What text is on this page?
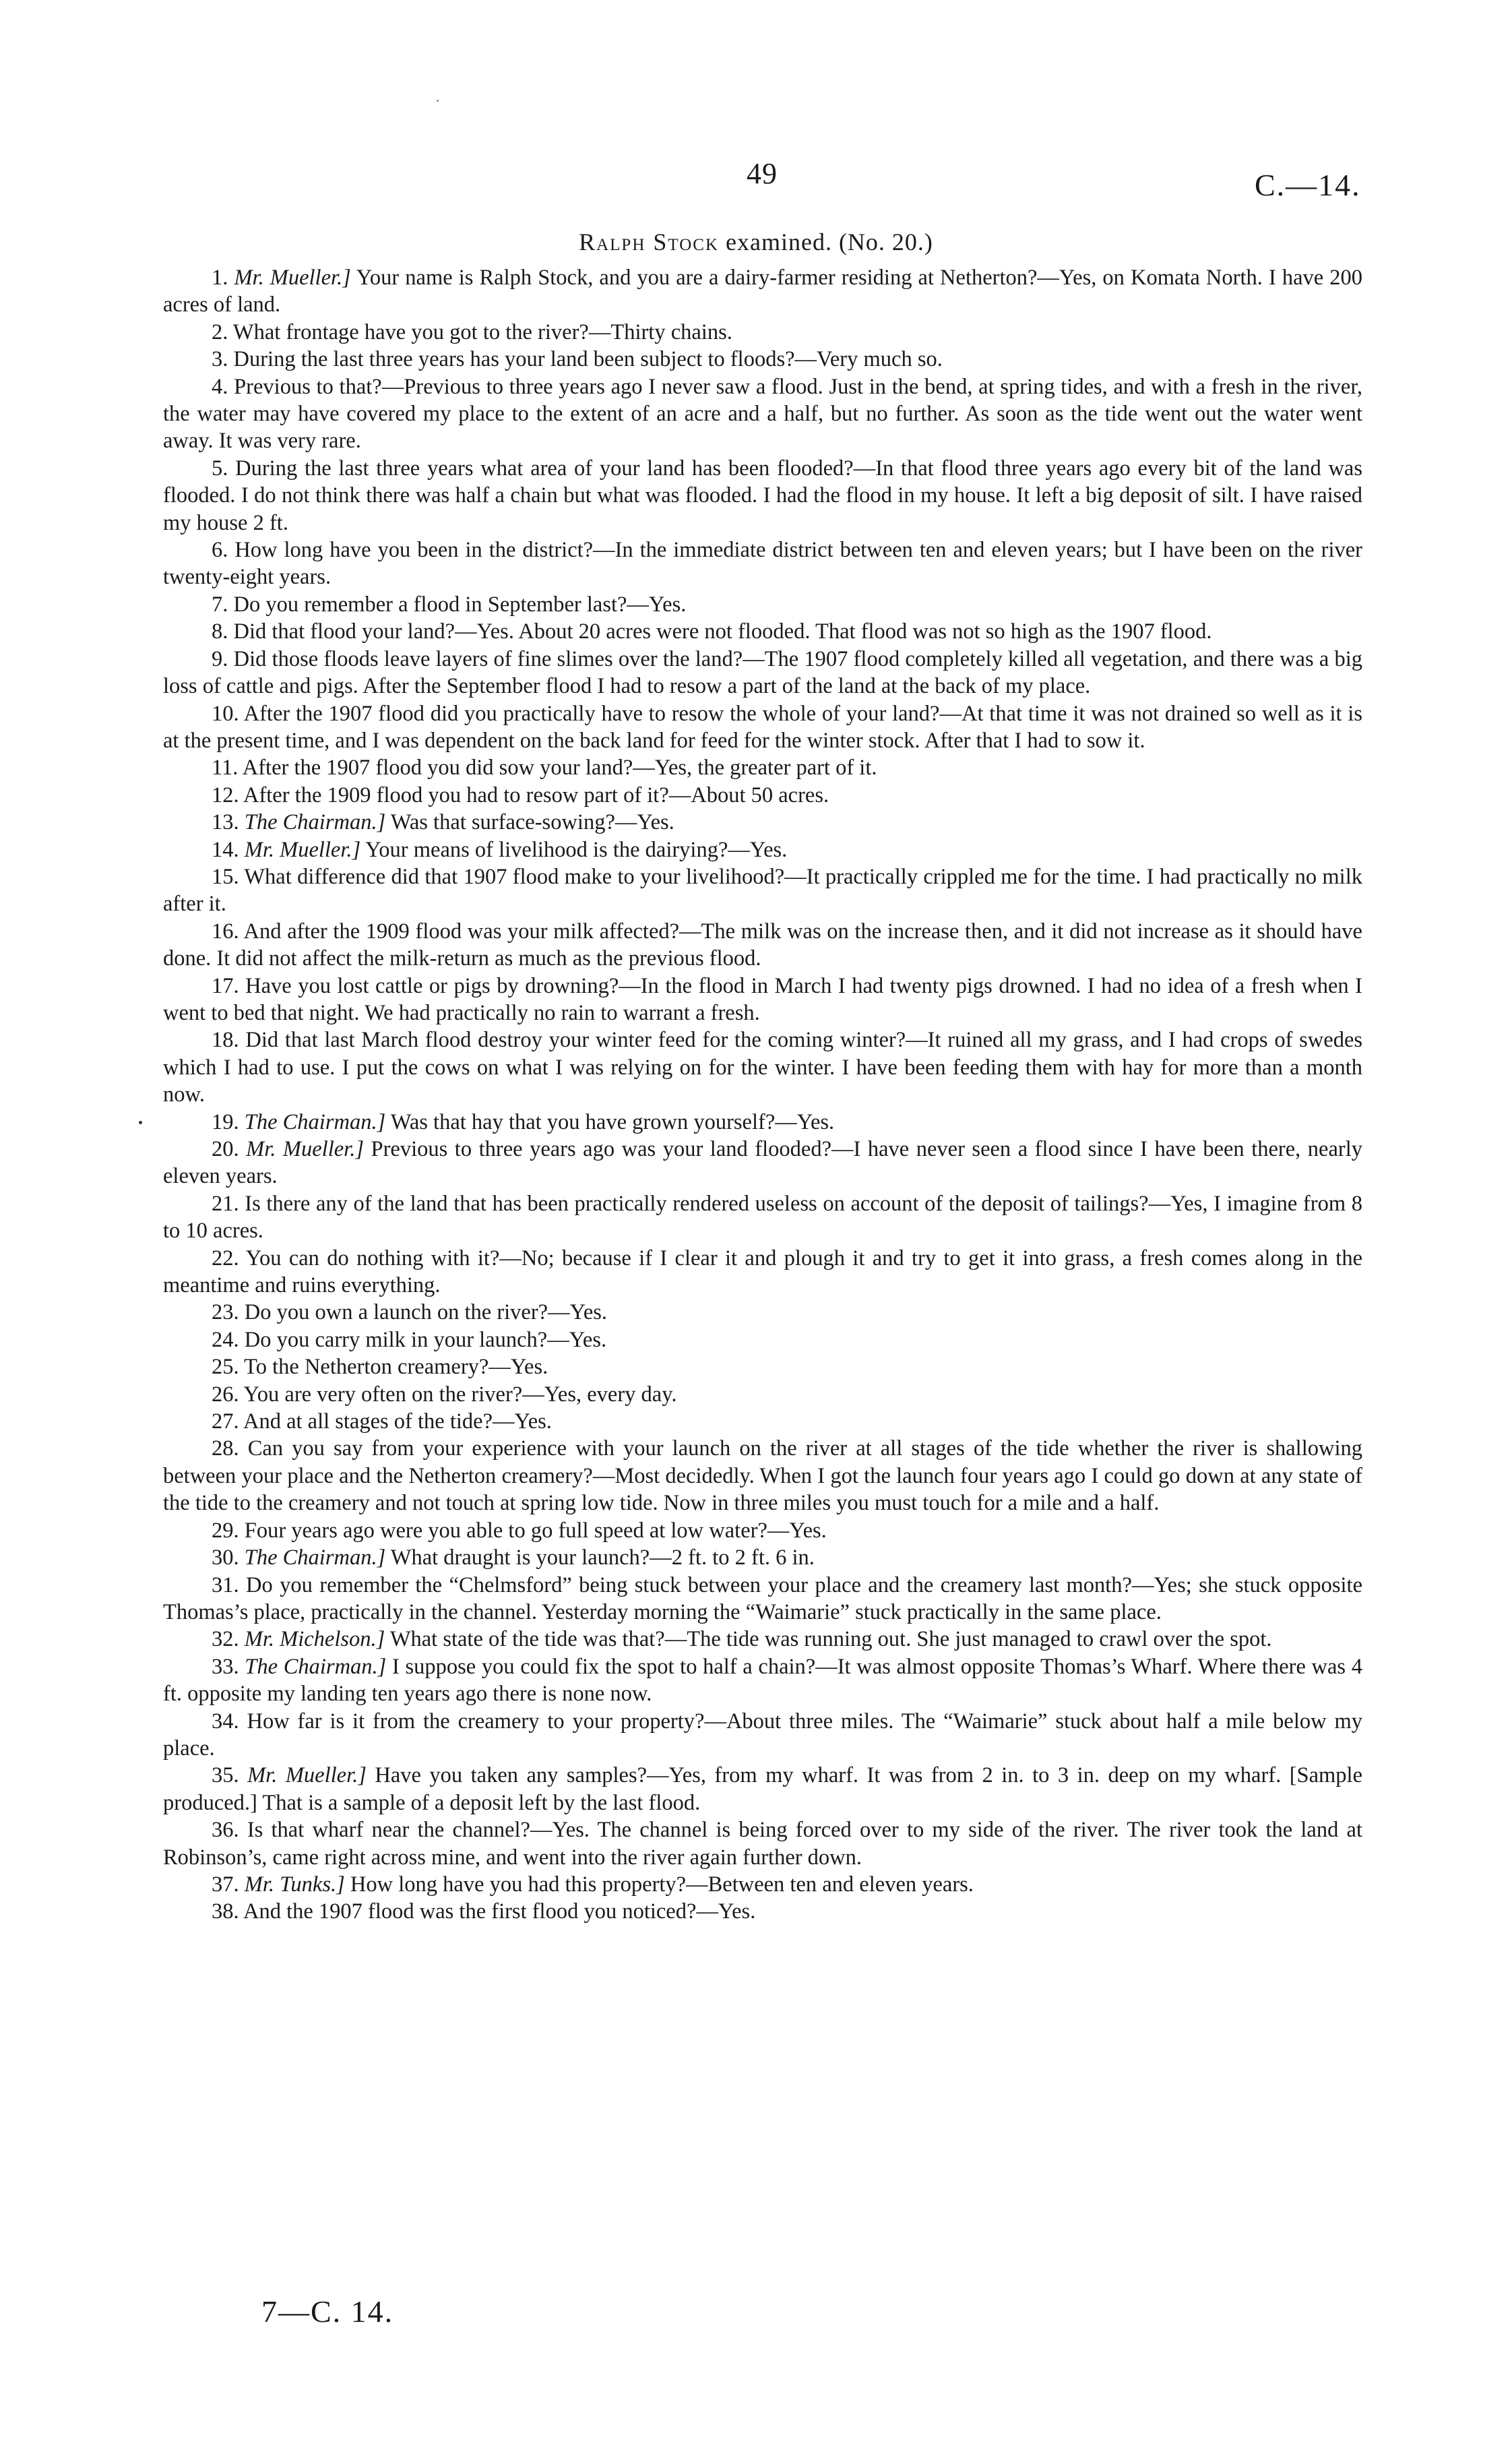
49	C.—14.
Ralph Stock examined. (No. 20.)

1. Mr. Mueller.] Your name is Ralph Stock, and you are a dairy-farmer residing at Netherton?—Yes, on Komata North. I have 200 acres of land.

2. What frontage have you got to the river?—Thirty chains.

3. During the last three years has your land been subject to floods?—Very much so.

4. Previous to that?—Previous to three years ago I never saw a flood. Just in the bend, at spring tides, and with a fresh in the river, the water may have covered my place to the extent of an acre and a half, but no further. As soon as the tide went out the water went away. It was very rare.

5. During the last three years what area of your land has been flooded?—In that flood three years ago every bit of the land was flooded. I do not think there was half a chain but what was flooded. I had the flood in my house. It left a big deposit of silt. I have raised my house 2 ft.

6. How long have you been in the district?—In the immediate district between ten and eleven years; but I have been on the river twenty-eight years.

7. Do you remember a flood in September last?—Yes.

8. Did that flood your land?—Yes. About 20 acres were not flooded. That flood was not so high as the 1907 flood.

9. Did those floods leave layers of fine slimes over the land?—The 1907 flood completely killed all vegetation, and there was a big loss of cattle and pigs. After the September flood I had to resow a part of the land at the back of my place.

10. After the 1907 flood did you practically have to resow the whole of your land?—At that time it was not drained so well as it is at the present time, and I was dependent on the back land for feed for the winter stock. After that I had to sow it.

11. After the 1907 flood you did sow your land?—Yes, the greater part of it.

12. After the 1909 flood you had to resow part of it?—About 50 acres.

13. The Chairman.] Was that surface-sowing?—Yes.

14. Mr. Mueller.] Your means of livelihood is the dairying?—Yes.

15. What difference did that 1907 flood make to your livelihood?—It practically crippled me for the time. I had practically no milk after it.

16. And after the 1909 flood was your milk affected?—The milk was on the increase then, and it did not increase as it should have done. It did not affect the milk-return as much as the previous flood.

17. Have you lost cattle or pigs by drowning?—In the flood in March I had twenty pigs drowned. I had no idea of a fresh when I went to bed that night. We had practically no rain to warrant a fresh.

18. Did that last March flood destroy your winter feed for the coming winter?—It ruined all my grass, and I had crops of swedes which I had to use. I put the cows on what I was relying on for the winter. I have been feeding them with hay for more than a month now.

19. The Chairman.] Was that hay that you have grown yourself?—Yes.

20. Mr. Mueller.] Previous to three years ago was your land flooded?—I have never seen a flood since I have been there, nearly eleven years.

21. Is there any of the land that has been practically rendered useless on account of the deposit of tailings?—Yes, I imagine from 8 to 10 acres.

22. You can do nothing with it?—No; because if I clear it and plough it and try to get it into grass, a fresh comes along in the meantime and ruins everything.

23. Do you own a launch on the river?—Yes.

24. Do you carry milk in your launch?—Yes.

25. To the Netherton creamery?—Yes.

26. You are very often on the river?—Yes, every day.

27. And at all stages of the tide?—Yes.

28. Can you say from your experience with your launch on the river at all stages of the tide whether the river is shallowing between your place and the Netherton creamery?—Most decidedly. When I got the launch four years ago I could go down at any state of the tide to the creamery and not touch at spring low tide. Now in three miles you must touch for a mile and a half.

29. Four years ago were you able to go full speed at low water?—Yes.

30. The Chairman.] What draught is your launch?—2 ft. to 2 ft. 6 in.

31. Do you remember the “Chelmsford” being stuck between your place and the creamery last month?—Yes; she stuck opposite Thomas’s place, practically in the channel. Yesterday morning the “Waimarie” stuck practically in the same place.

32. Mr. Michelson.] What state of the tide was that?—The tide was running out. She just managed to crawl over the spot.

33. The Chairman.] I suppose you could fix the spot to half a chain?—It was almost opposite Thomas’s Wharf. Where there was 4 ft. opposite my landing ten years ago there is none now.

34. How far is it from the creamery to your property?—About three miles. The “Waimarie” stuck about half a mile below my place.

35. Mr. Mueller.] Have you taken any samples?—Yes, from my wharf. It was from 2 in. to 3 in. deep on my wharf. [Sample produced.] That is a sample of a deposit left by the last flood.

36. Is that wharf near the channel?—Yes. The channel is being forced over to my side of the river. The river took the land at Robinson’s, came right across mine, and went into the river again further down.

37. Mr. Tunks.] How long have you had this property?—Between ten and eleven years.

38. And the 1907 flood was the first flood you noticed?—Yes.

7—C. 14.
